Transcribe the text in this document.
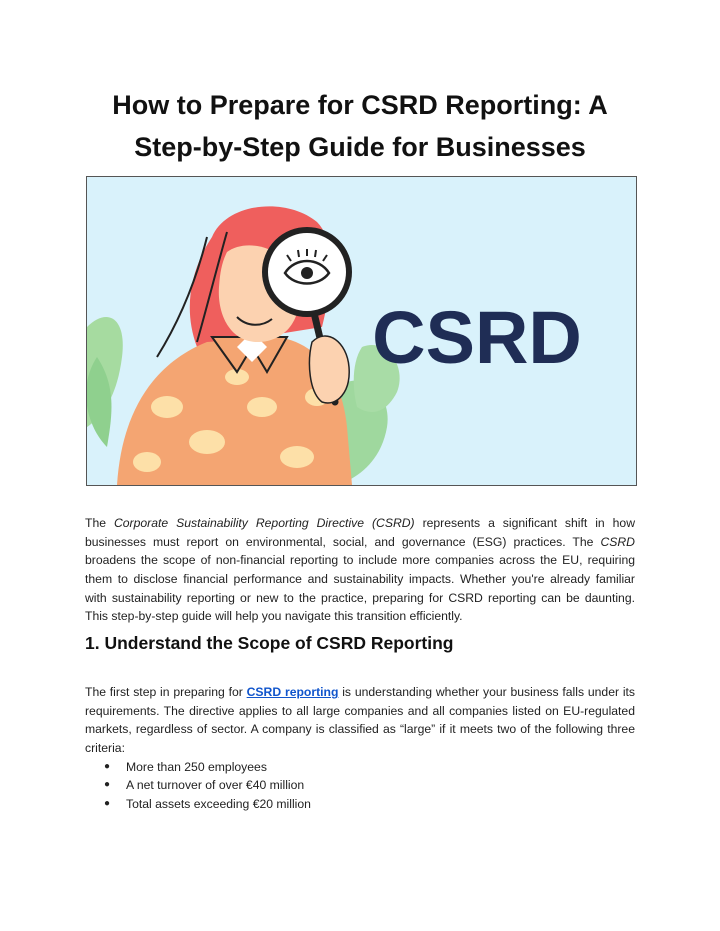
How to Prepare for CSRD Reporting: A
Step-by-Step Guide for Businesses
CSRD

The Corporate Sustainability Reporting Directive (CSRD) represents a significant shift in how businesses must report on environmental, social, and governance (ESG) practices. The CSRD broadens the scope of non-financial reporting to include more companies across the EU, requiring them to disclose financial performance and sustainability impacts. Whether you're already familiar with sustainability reporting or new to the practice, preparing for CSRD reporting can be daunting. This step-by-step guide will help you navigate this transition efficiently.

1. Understand the Scope of CSRD Reporting

The first step in preparing for CSRD reporting is understanding whether your business falls under its requirements. The directive applies to all large companies and all companies listed on EU-regulated markets, regardless of sector. A company is classified as “large” if it meets two of the following three criteria:

● More than 250 employees
● A net turnover of over €40 million
● Total assets exceeding €20 million
